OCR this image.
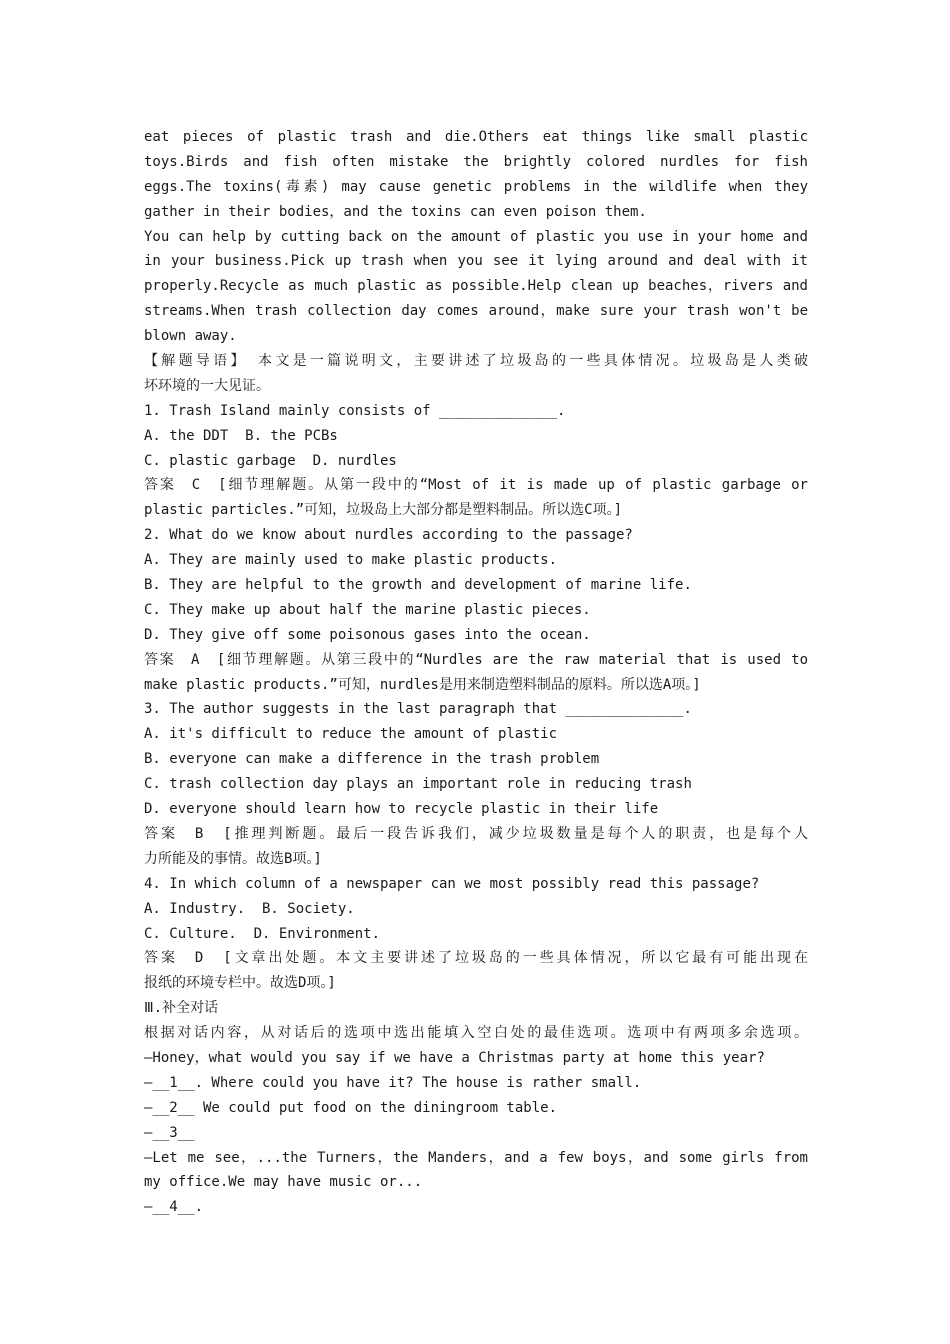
eat pieces of plastic trash and die.Others eat things like small plastic
toys.Birds and fish often mistake the brightly colored nurdles for fish
eggs.The toxins(毒素) may cause genetic problems in the wildlife when they
gather in their bodies，and the toxins can even poison them.
You can help by cutting back on the amount of plastic you use in your home and
in your business.Pick up trash when you see it lying around and deal with it
properly.Recycle as much plastic as possible.Help clean up beaches，rivers and
streams.When trash collection day comes around，make sure your trash won't be
blown away.
【解题导语】　本文是一篇说明文，主要讲述了垃圾岛的一些具体情况。垃圾岛是人类破
坏环境的一大见证。
1. Trash Island mainly consists of ______________.
A. the DDT  B. the PCBs
C. plastic garbage  D. nurdles
答案　C　[细节理解题。从第一段中的“Most of it is made up of plastic garbage or
plastic particles.”可知，垃圾岛上大部分都是塑料制品。所以选C项。]
2. What do we know about nurdles according to the passage?
A. They are mainly used to make plastic products.
B. They are helpful to the growth and development of marine life.
C. They make up about half the marine plastic pieces.
D. They give off some poisonous gases into the ocean.
答案　A　[细节理解题。从第三段中的“Nurdles are the raw material that is used to
make plastic products.”可知，nurdles是用来制造塑料制品的原料。所以选A项。]
3. The author suggests in the last paragraph that ______________.
A. it's difficult to reduce the amount of plastic
B. everyone can make a difference in the trash problem
C. trash collection day plays an important role in reducing trash
D. everyone should learn how to recycle plastic in their life
答案　B　[推理判断题。最后一段告诉我们，减少垃圾数量是每个人的职责，也是每个人
力所能及的事情。故选B项。]
4. In which column of a newspaper can we most possibly read this passage?
A. Industry.  B. Society.
C. Culture.  D. Environment.
答案　D　[文章出处题。本文主要讲述了垃圾岛的一些具体情况，所以它最有可能出现在
报纸的环境专栏中。故选D项。]
Ⅲ.补全对话
根据对话内容，从对话后的选项中选出能填入空白处的最佳选项。选项中有两项多余选项。
—Honey，what would you say if we have a Christmas party at home this year?
—__1__. Where could you have it? The house is rather small.
—__2__ We could put food on the diningroom table.
—__3__
—Let me see，...the Turners，the Manders，and a few boys，and some girls from
my office.We may have music or...
—__4__.
